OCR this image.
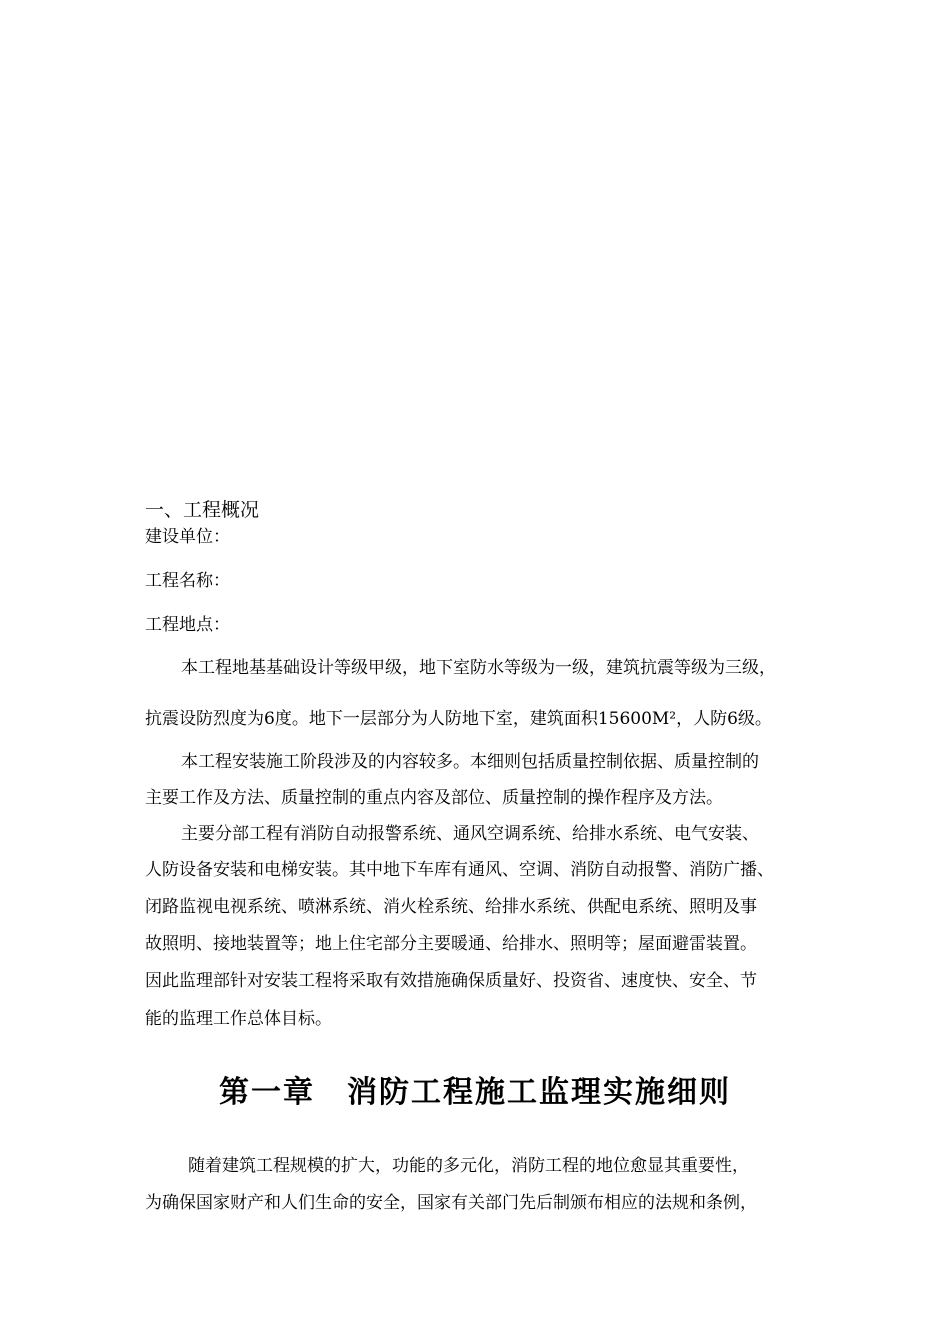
一、工程概况
建设单位：
工程名称：
工程地点：
本工程地基基础设计等级甲级，地下室防水等级为一级，建筑抗震等级为三级，
抗震设防烈度为6度。地下一层部分为人防地下室，建筑面积15600M²，人防6级。
本工程安装施工阶段涉及的内容较多。本细则包括质量控制依据、质量控制的
主要工作及方法、质量控制的重点内容及部位、质量控制的操作程序及方法。
主要分部工程有消防自动报警系统、通风空调系统、给排水系统、电气安装、
人防设备安装和电梯安装。其中地下车库有通风、空调、消防自动报警、消防广播、
闭路监视电视系统、喷淋系统、消火栓系统、给排水系统、供配电系统、照明及事
故照明、接地装置等；地上住宅部分主要暖通、给排水、照明等；屋面避雷装置。
因此监理部针对安装工程将采取有效措施确保质量好、投资省、速度快、安全、节
能的监理工作总体目标。
第一章　消防工程施工监理实施细则
随着建筑工程规模的扩大，功能的多元化，消防工程的地位愈显其重要性，
为确保国家财产和人们生命的安全，国家有关部门先后制颁布相应的法规和条例，
